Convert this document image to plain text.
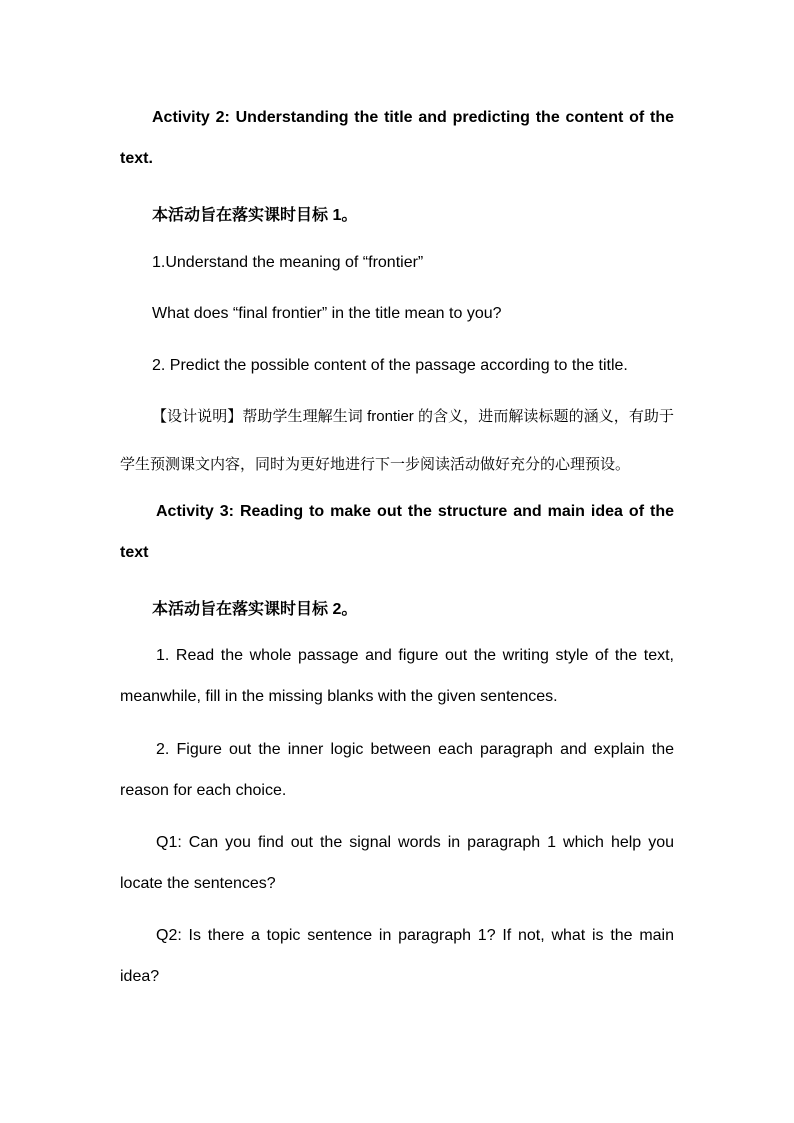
Activity 2: Understanding the title and predicting the content of the text.

本活动旨在落实课时目标 1。

1.Understand the meaning of “frontier”

What does “final frontier” in the title mean to you?

2. Predict the possible content of the passage according to the title.

【设计说明】帮助学生理解生词 frontier 的含义，进而解读标题的涵义，有助于学生预测课文内容，同时为更好地进行下一步阅读活动做好充分的心理预设。

Activity 3: Reading to make out the structure and main idea of the text

本活动旨在落实课时目标 2。

1. Read the whole passage and figure out the writing style of the text, meanwhile, fill in the missing blanks with the given sentences.

2. Figure out the inner logic between each paragraph and explain the reason for each choice.

Q1: Can you find out the signal words in paragraph 1 which help you locate the sentences?

Q2: Is there a topic sentence in paragraph 1? If not, what is the main idea?
